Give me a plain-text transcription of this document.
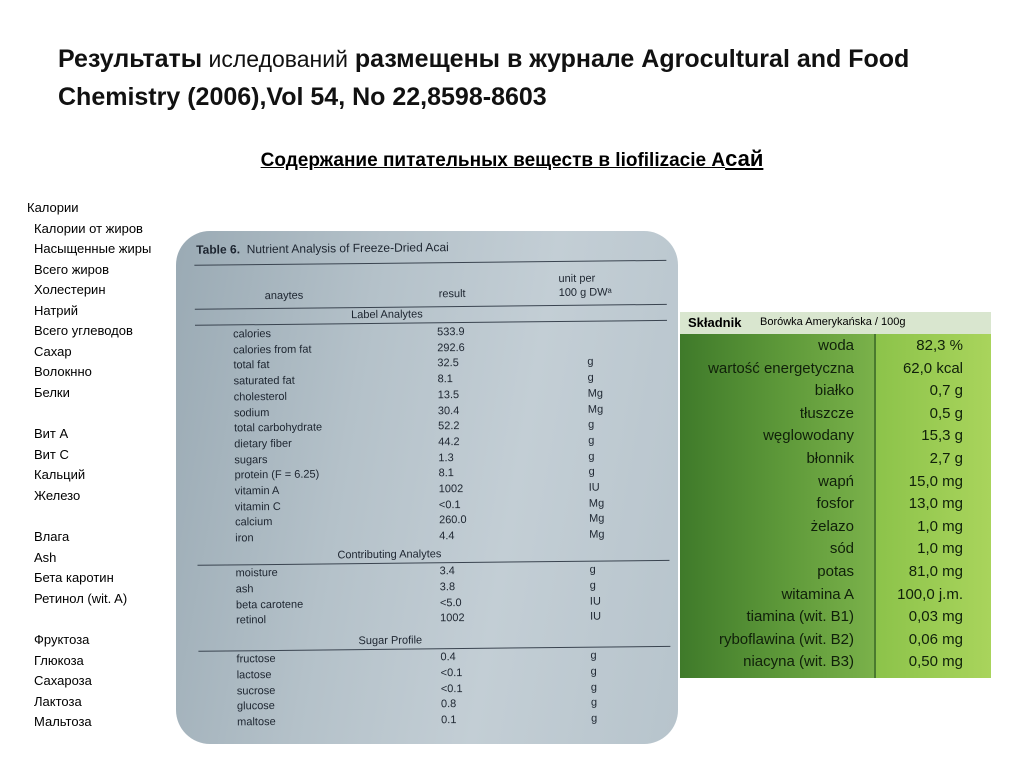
Результаты иследований размещены в журнале Agrocultural and Food Chemistry (2006),Vol 54, No 22,8598-8603
Содержание питательных веществ в liofilizacie Асай
Калории
Калории от жиров
Насыщенные жиры
Всего жиров
Холестерин
Натрий
Всего углеводов
Сахар
Волокнно
Белки
Вит А
Вит С
Кальций
Железо
Влага
Ash
Бета каротин
Ретинол (wit. A)
Фруктоза
Глюкоза
Сахароза
Лактоза
Мальтоза
Table 6. Nutrient Analysis of Freeze-Dried Acai
unit per
anaytes	result	100 g DWᵃ
Label Analytes
calories	533.9
calories from fat	292.6
total fat	32.5	g
saturated fat	8.1	g
cholesterol	13.5	Mg
sodium	30.4	Mg
total carbohydrate	52.2	g
dietary fiber	44.2	g
sugars	1.3	g
protein (F = 6.25)	8.1	g
vitamin A	1002	IU
vitamin C	<0.1	Mg
calcium	260.0	Mg
iron	4.4	Mg
Contributing Analytes
moisture	3.4	g
ash	3.8	g
beta carotene	<5.0	IU
retinol	1002	IU
Sugar Profile
fructose	0.4	g
lactose	<0.1	g
sucrose	<0.1	g
glucose	0.8	g
maltose	0.1	g
Składnik Borówka Amerykańska / 100g
woda	82,3 %
wartość energetyczna	62,0 kcal
białko	0,7 g
tłuszcze	0,5 g
węglowodany	15,3 g
błonnik	2,7 g
wapń	15,0 mg
fosfor	13,0 mg
żelazo	1,0 mg
sód	1,0 mg
potas	81,0 mg
witamina A	100,0 j.m.
tiamina (wit. B1)	0,03 mg
ryboflawina (wit. B2)	0,06 mg
niacyna (wit. B3)	0,50 mg
